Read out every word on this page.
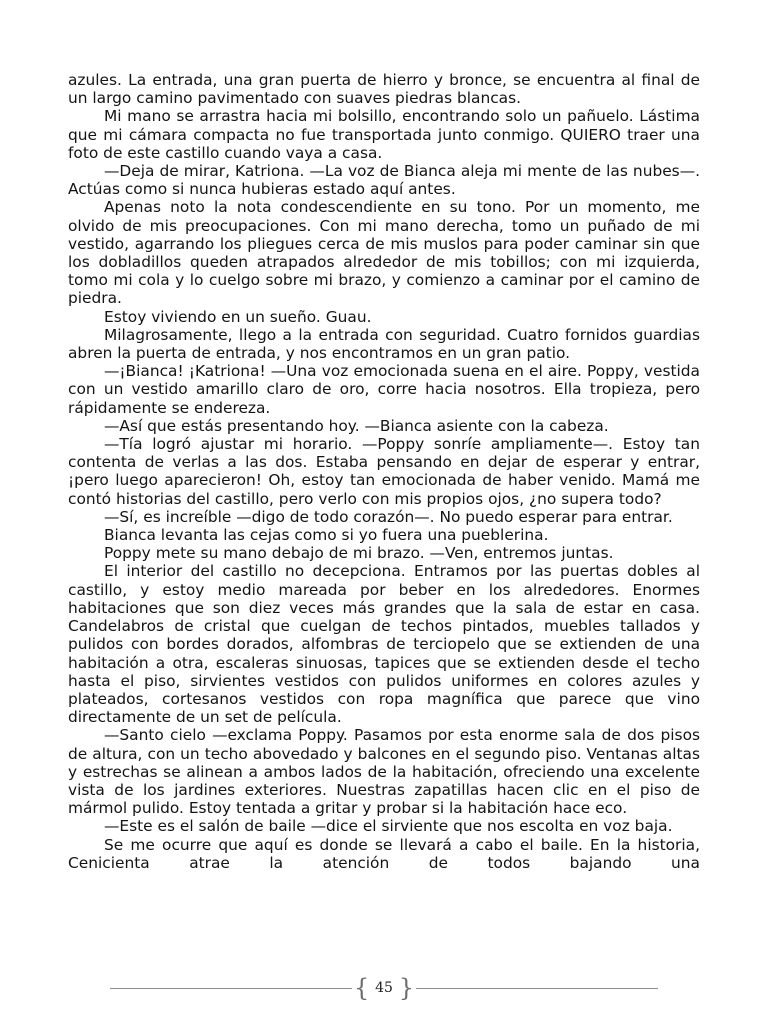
azules. La entrada, una gran puerta de hierro y bronce, se encuentra al final de un largo camino pavimentado con suaves piedras blancas.

Mi mano se arrastra hacia mi bolsillo, encontrando solo un pañuelo. Lástima que mi cámara compacta no fue transportada junto conmigo. QUIERO traer una foto de este castillo cuando vaya a casa.

—Deja de mirar, Katriona. —La voz de Bianca aleja mi mente de las nubes—. Actúas como si nunca hubieras estado aquí antes.

Apenas noto la nota condescendiente en su tono. Por un momento, me olvido de mis preocupaciones. Con mi mano derecha, tomo un puñado de mi vestido, agarrando los pliegues cerca de mis muslos para poder caminar sin que los dobladillos queden atrapados alrededor de mis tobillos; con mi izquierda, tomo mi cola y lo cuelgo sobre mi brazo, y comienzo a caminar por el camino de piedra.

Estoy viviendo en un sueño. Guau.

Milagrosamente, llego a la entrada con seguridad. Cuatro fornidos guardias abren la puerta de entrada, y nos encontramos en un gran patio.

—¡Bianca! ¡Katriona! —Una voz emocionada suena en el aire. Poppy, vestida con un vestido amarillo claro de oro, corre hacia nosotros. Ella tropieza, pero rápidamente se endereza.

—Así que estás presentando hoy. —Bianca asiente con la cabeza.

—Tía logró ajustar mi horario. —Poppy sonríe ampliamente—. Estoy tan contenta de verlas a las dos. Estaba pensando en dejar de esperar y entrar, ¡pero luego aparecieron! Oh, estoy tan emocionada de haber venido. Mamá me contó historias del castillo, pero verlo con mis propios ojos, ¿no supera todo?

—Sí, es increíble —digo de todo corazón—. No puedo esperar para entrar.

Bianca levanta las cejas como si yo fuera una pueblerina.

Poppy mete su mano debajo de mi brazo. —Ven, entremos juntas.

El interior del castillo no decepciona. Entramos por las puertas dobles al castillo, y estoy medio mareada por beber en los alrededores. Enormes habitaciones que son diez veces más grandes que la sala de estar en casa. Candelabros de cristal que cuelgan de techos pintados, muebles tallados y pulidos con bordes dorados, alfombras de terciopelo que se extienden de una habitación a otra, escaleras sinuosas, tapices que se extienden desde el techo hasta el piso, sirvientes vestidos con pulidos uniformes en colores azules y plateados, cortesanos vestidos con ropa magnífica que parece que vino directamente de un set de película.

—Santo cielo —exclama Poppy. Pasamos por esta enorme sala de dos pisos de altura, con un techo abovedado y balcones en el segundo piso. Ventanas altas y estrechas se alinean a ambos lados de la habitación, ofreciendo una excelente vista de los jardines exteriores. Nuestras zapatillas hacen clic en el piso de mármol pulido. Estoy tentada a gritar y probar si la habitación hace eco.

—Este es el salón de baile —dice el sirviente que nos escolta en voz baja.

Se me ocurre que aquí es donde se llevará a cabo el baile. En la historia, Cenicienta atrae la atención de todos bajando una

{ 45 }
